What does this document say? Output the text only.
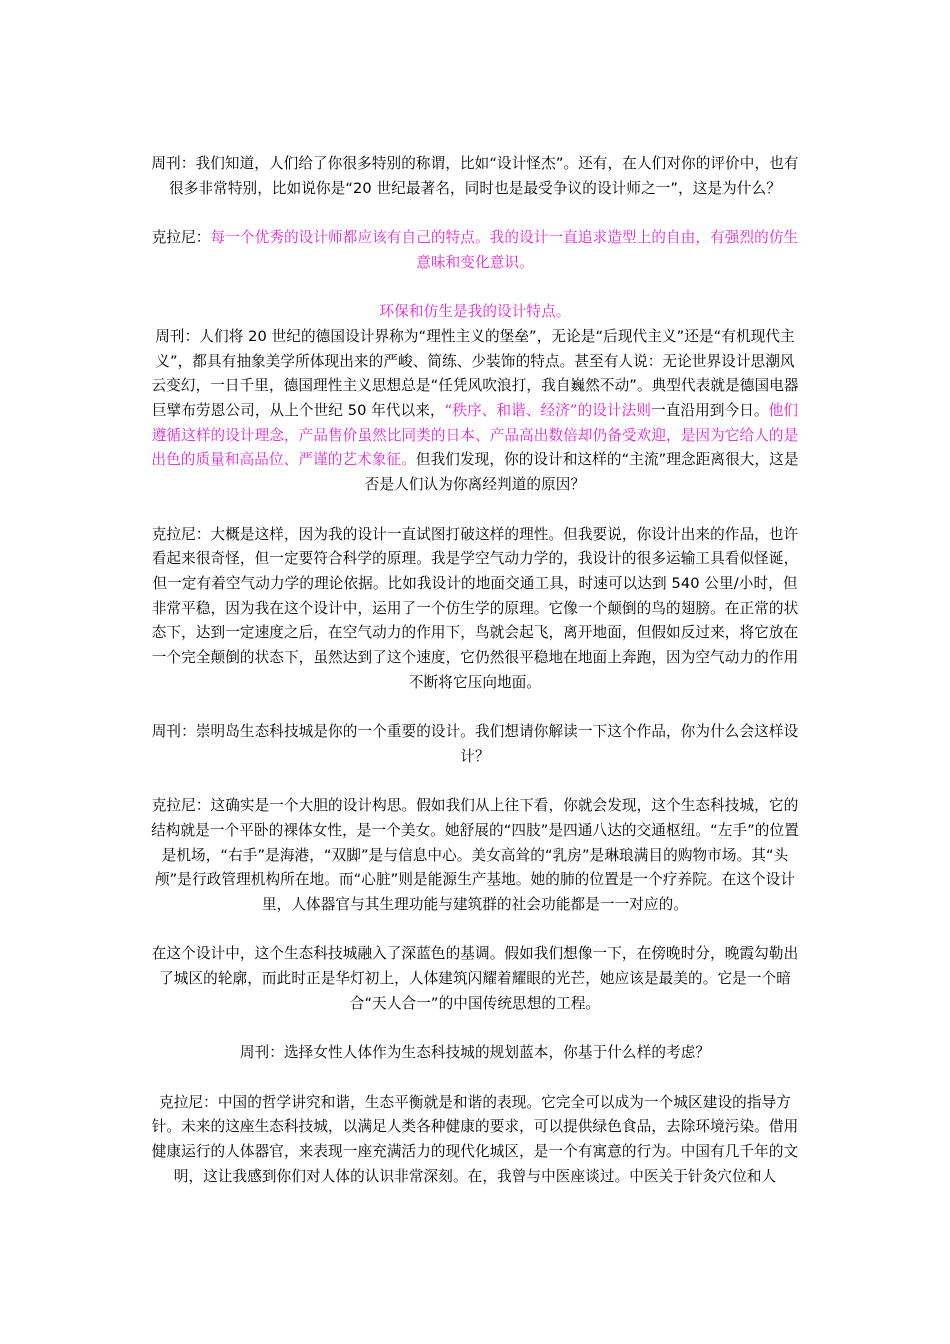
周刊：我们知道，人们给了你很多特别的称谓，比如“设计怪杰”。还有，在人们对你的评价中，也有很多非常特别，比如说你是“20 世纪最著名，同时也是最受争议的设计师之一”，这是为什么？

克拉尼：每一个优秀的设计师都应该有自己的特点。我的设计一直追求造型上的自由，有强烈的仿生意味和变化意识。

环保和仿生是我的设计特点。

周刊：人们将 20 世纪的德国设计界称为“理性主义的堡垒”，无论是“后现代主义”还是“有机现代主义”，都具有抽象美学所体现出来的严峻、简练、少装饰的特点。甚至有人说：无论世界设计思潮风云变幻，一日千里，德国理性主义思想总是“任凭风吹浪打，我自巍然不动”。典型代表就是德国电器巨擘布劳恩公司，从上个世纪 50 年代以来，“秩序、和谐、经济”的设计法则一直沿用到今日。他们遵循这样的设计理念，产品售价虽然比同类的日本、产品高出数倍却仍备受欢迎，是因为它给人的是出色的质量和高品位、严谨的艺术象征。但我们发现，你的设计和这样的“主流”理念距离很大，这是否是人们认为你离经判道的原因？

克拉尼：大概是这样，因为我的设计一直试图打破这样的理性。但我要说，你设计出来的作品，也许看起来很奇怪，但一定要符合科学的原理。我是学空气动力学的，我设计的很多运输工具看似怪诞，但一定有着空气动力学的理论依据。比如我设计的地面交通工具，时速可以达到 540 公里/小时，但非常平稳，因为我在这个设计中，运用了一个仿生学的原理。它像一个颠倒的鸟的翅膀。在正常的状态下，达到一定速度之后，在空气动力的作用下，鸟就会起飞，离开地面，但假如反过来，将它放在一个完全颠倒的状态下，虽然达到了这个速度，它仍然很平稳地在地面上奔跑，因为空气动力的作用不断将它压向地面。

周刊：崇明岛生态科技城是你的一个重要的设计。我们想请你解读一下这个作品，你为什么会这样设计？

克拉尼：这确实是一个大胆的设计构思。假如我们从上往下看，你就会发现，这个生态科技城，它的结构就是一个平卧的裸体女性，是一个美女。她舒展的“四肢”是四通八达的交通枢纽。“左手”的位置是机场，“右手”是海港，“双脚”是与信息中心。美女高耸的“乳房”是琳琅满目的购物市场。其“头颅”是行政管理机构所在地。而“心脏”则是能源生产基地。她的肺的位置是一个疗养院。在这个设计里，人体器官与其生理功能与建筑群的社会功能都是一一对应的。

在这个设计中，这个生态科技城融入了深蓝色的基调。假如我们想像一下，在傍晚时分，晚霞勾勒出了城区的轮廓，而此时正是华灯初上，人体建筑闪耀着耀眼的光芒，她应该是最美的。它是一个暗合“天人合一”的中国传统思想的工程。

周刊：选择女性人体作为生态科技城的规划蓝本，你基于什么样的考虑？

克拉尼：中国的哲学讲究和谐，生态平衡就是和谐的表现。它完全可以成为一个城区建设的指导方针。未来的这座生态科技城，以满足人类各种健康的要求，可以提供绿色食品，去除环境污染。借用健康运行的人体器官，来表现一座充满活力的现代化城区，是一个有寓意的行为。中国有几千年的文明，这让我感到你们对人体的认识非常深刻。在，我曾与中医座谈过。中医关于针灸穴位和人
